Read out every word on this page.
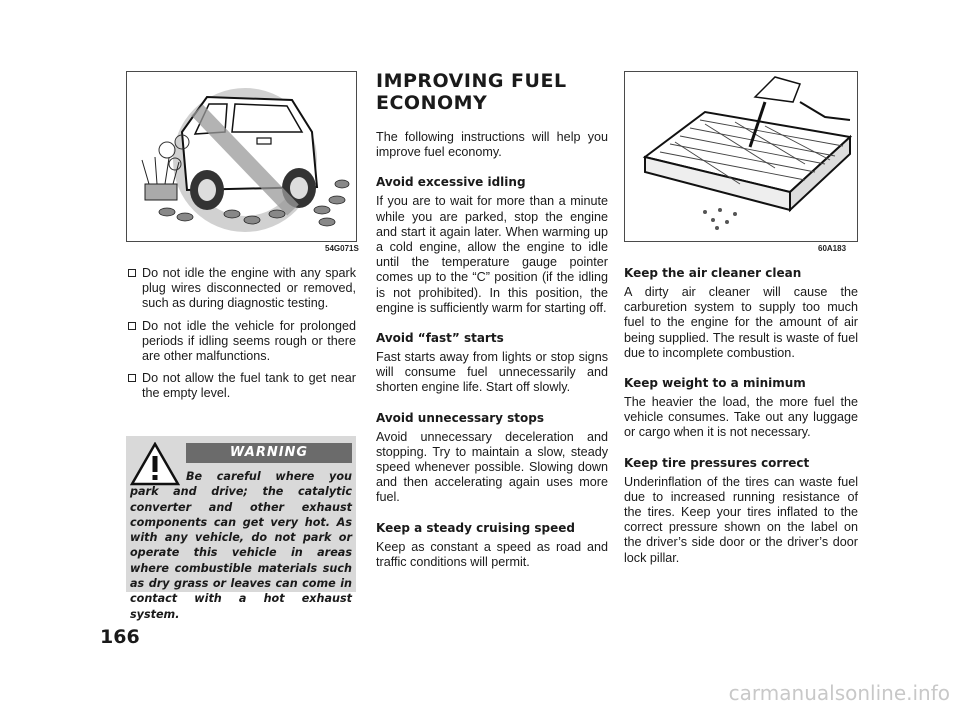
54G071S	60A183
Do not idle the engine with any spark plug wires disconnected or removed, such as during diagnostic testing.
Do not idle the vehicle for prolonged periods if idling seems rough or there are other malfunctions.
Do not allow the fuel tank to get near the empty level.
WARNING
Be careful where you park and drive; the catalytic converter and other exhaust components can get very hot. As with any vehicle, do not park or operate this vehicle in areas where combustible materials such as dry grass or leaves can come in contact with a hot exhaust system.
IMPROVING FUEL
ECONOMY

The following instructions will help you improve fuel economy.

Avoid excessive idling

If you are to wait for more than a minute while you are parked, stop the engine and start it again later. When warming up a cold engine, allow the engine to idle until the temperature gauge pointer comes up to the “C” position (if the idling is not prohibited). In this position, the engine is sufficiently warm for starting off.

Avoid “fast” starts

Fast starts away from lights or stop signs will consume fuel unnecessarily and shorten engine life. Start off slowly.

Avoid unnecessary stops

Avoid unnecessary deceleration and stopping. Try to maintain a slow, steady speed whenever possible. Slowing down and then accelerating again uses more fuel.

Keep a steady cruising speed

Keep as constant a speed as road and traffic conditions will permit.

Keep the air cleaner clean

A dirty air cleaner will cause the carburetion system to supply too much fuel to the engine for the amount of air being supplied. The result is waste of fuel due to incomplete combustion.

Keep weight to a minimum

The heavier the load, the more fuel the vehicle consumes. Take out any luggage or cargo when it is not necessary.

Keep tire pressures correct

Underinflation of the tires can waste fuel due to increased running resistance of the tires. Keep your tires inflated to the correct pressure shown on the label on the driver’s side door or the driver’s door lock pillar.

166
carmanualsonline.info
